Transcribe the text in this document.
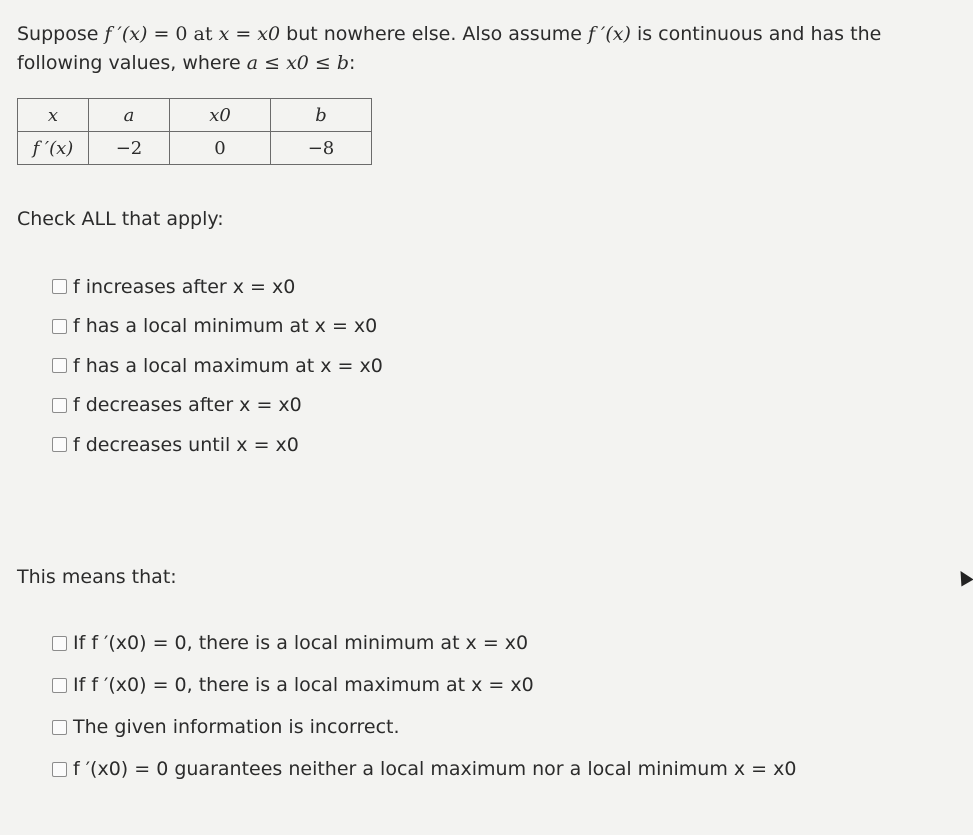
Suppose f ′(x) = 0 at x = x0 but nowhere else. Also assume f ′(x) is continuous and has the following values, where a ≤ x0 ≤ b:
x	a	x0	b
f ′(x)	−2	0	−8
Check ALL that apply:
f increases after x = x0
f has a local minimum at x = x0
f has a local maximum at x = x0
f decreases after x = x0
f decreases until x = x0
This means that:
If f ′(x0) = 0, there is a local minimum at x = x0
If f ′(x0) = 0, there is a local maximum at x = x0
The given information is incorrect.
f ′(x0) = 0 guarantees neither a local maximum nor a local minimum x = x0
